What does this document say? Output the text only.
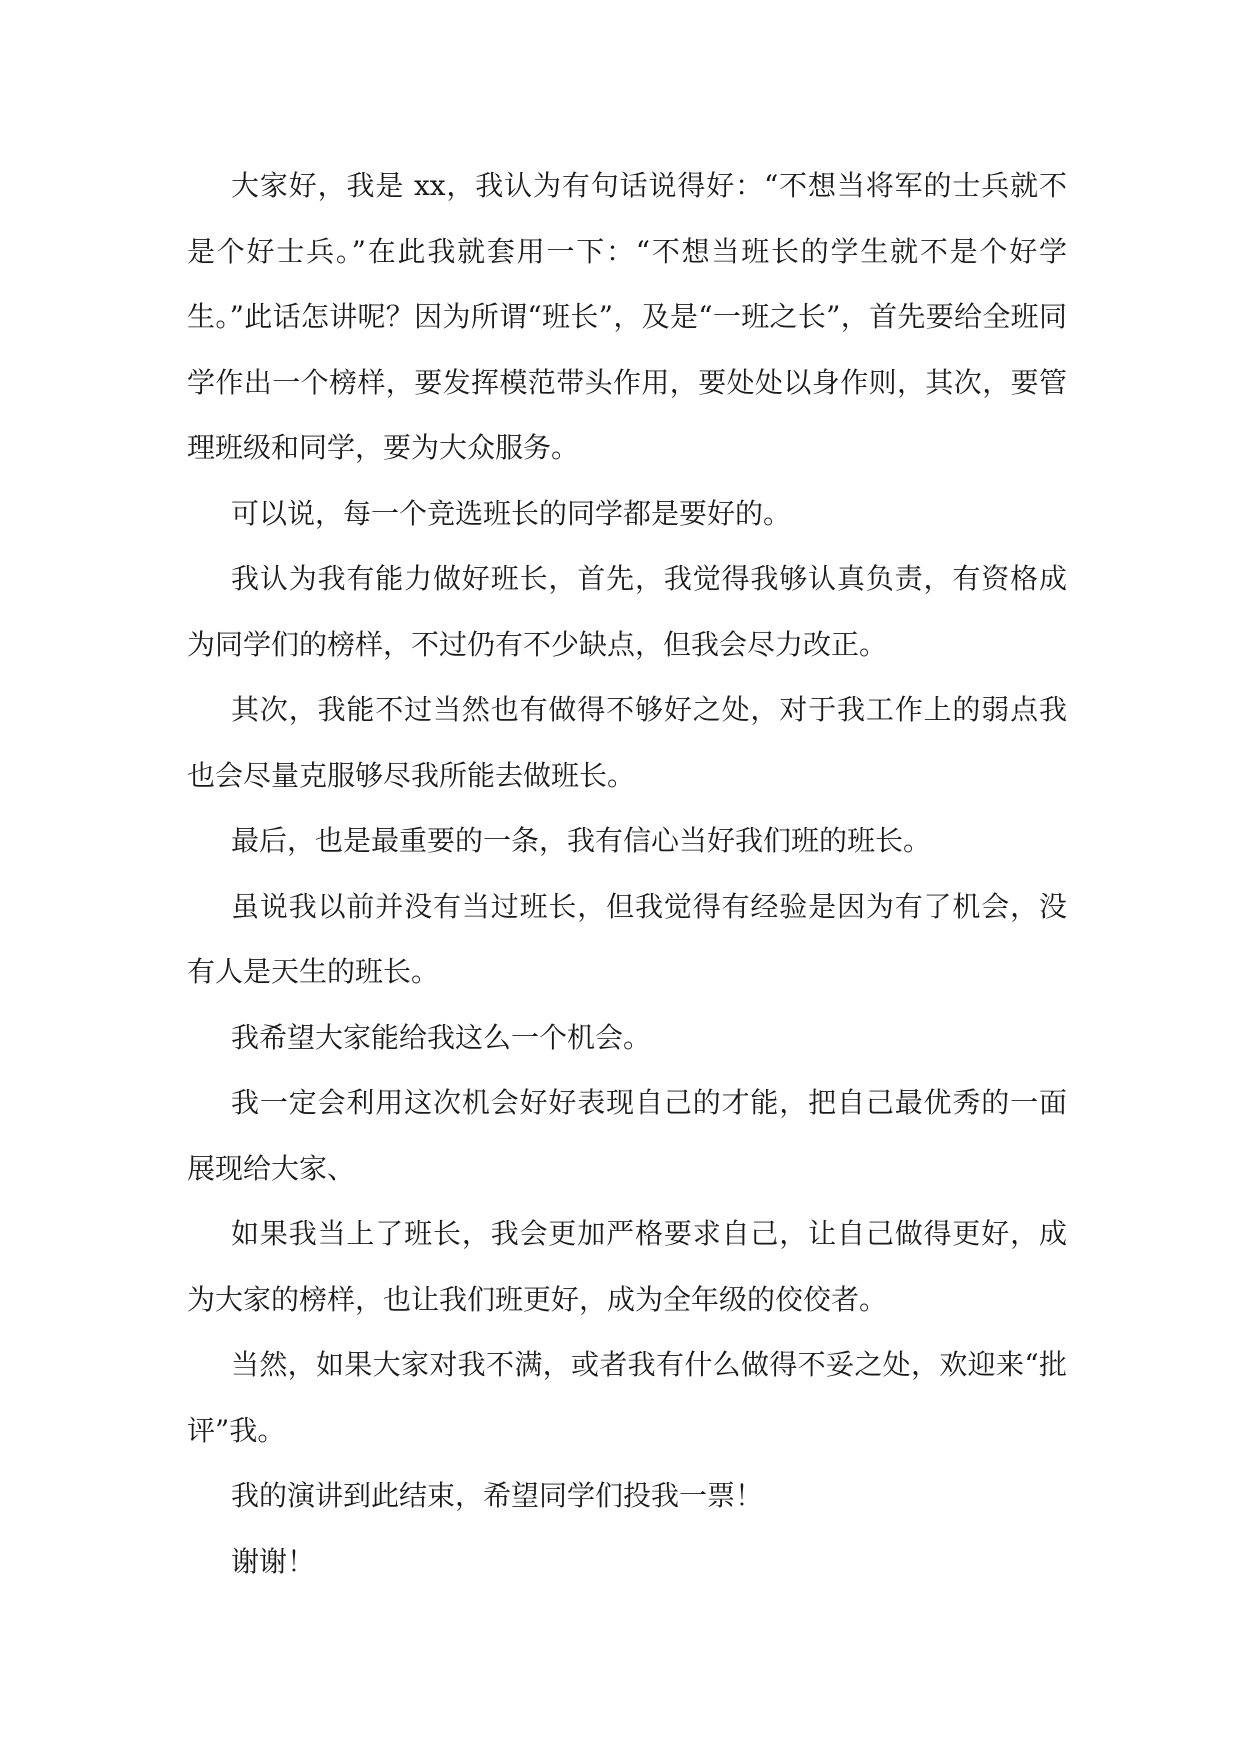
大家好，我是 xx，我认为有句话说得好：“不想当将军的士兵就不是个好士兵。”在此我就套用一下：“不想当班长的学生就不是个好学生。”此话怎讲呢？因为所谓“班长”，及是“一班之长”，首先要给全班同学作出一个榜样，要发挥模范带头作用，要处处以身作则，其次，要管理班级和同学，要为大众服务。

可以说，每一个竞选班长的同学都是要好的。

我认为我有能力做好班长，首先，我觉得我够认真负责，有资格成为同学们的榜样，不过仍有不少缺点，但我会尽力改正。

其次，我能不过当然也有做得不够好之处，对于我工作上的弱点我也会尽量克服够尽我所能去做班长。

最后，也是最重要的一条，我有信心当好我们班的班长。

虽说我以前并没有当过班长，但我觉得有经验是因为有了机会，没有人是天生的班长。

我希望大家能给我这么一个机会。

我一定会利用这次机会好好表现自己的才能，把自己最优秀的一面展现给大家、

如果我当上了班长，我会更加严格要求自己，让自己做得更好，成为大家的榜样，也让我们班更好，成为全年级的佼佼者。

当然，如果大家对我不满，或者我有什么做得不妥之处，欢迎来“批评”我。

我的演讲到此结束，希望同学们投我一票！

谢谢！
